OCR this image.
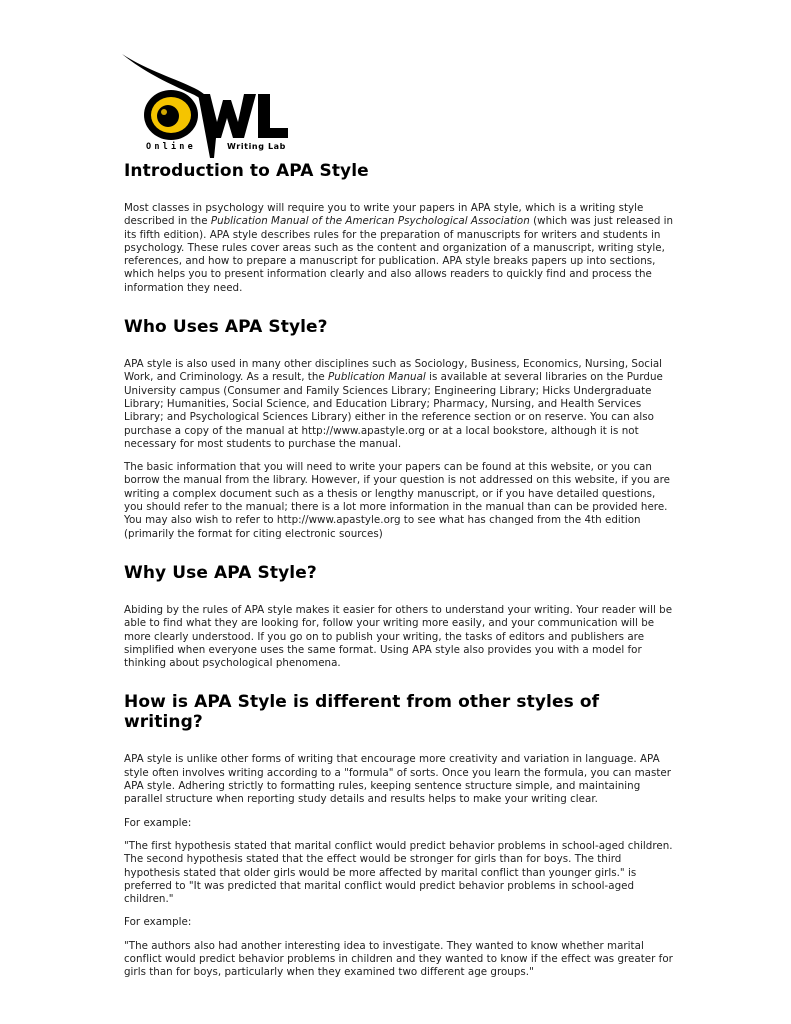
Online	Writing Lab
Introduction to APA Style

Most classes in psychology will require you to write your papers in APA style, which is a writing style described in the Publication Manual of the American Psychological Association (which was just released in its fifth edition). APA style describes rules for the preparation of manuscripts for writers and students in psychology. These rules cover areas such as the content and organization of a manuscript, writing style, references, and how to prepare a manuscript for publication. APA style breaks papers up into sections, which helps you to present information clearly and also allows readers to quickly find and process the information they need.

Who Uses APA Style?

APA style is also used in many other disciplines such as Sociology, Business, Economics, Nursing, Social Work, and Criminology. As a result, the Publication Manual is available at several libraries on the Purdue University campus (Consumer and Family Sciences Library; Engineering Library; Hicks Undergraduate Library; Humanities, Social Science, and Education Library; Pharmacy, Nursing, and Health Services Library; and Psychological Sciences Library) either in the reference section or on reserve. You can also purchase a copy of the manual at http://www.apastyle.org or at a local bookstore, although it is not necessary for most students to purchase the manual.

The basic information that you will need to write your papers can be found at this website, or you can borrow the manual from the library. However, if your question is not addressed on this website, if you are writing a complex document such as a thesis or lengthy manuscript, or if you have detailed questions, you should refer to the manual; there is a lot more information in the manual than can be provided here. You may also wish to refer to http://www.apastyle.org to see what has changed from the 4th edition (primarily the format for citing electronic sources)

Why Use APA Style?

Abiding by the rules of APA style makes it easier for others to understand your writing. Your reader will be able to find what they are looking for, follow your writing more easily, and your communication will be more clearly understood. If you go on to publish your writing, the tasks of editors and publishers are simplified when everyone uses the same format. Using APA style also provides you with a model for thinking about psychological phenomena.

How is APA Style is different from other styles of writing?

APA style is unlike other forms of writing that encourage more creativity and variation in language. APA style often involves writing according to a "formula" of sorts. Once you learn the formula, you can master APA style. Adhering strictly to formatting rules, keeping sentence structure simple, and maintaining parallel structure when reporting study details and results helps to make your writing clear.

For example:

"The first hypothesis stated that marital conflict would predict behavior problems in school-aged children. The second hypothesis stated that the effect would be stronger for girls than for boys. The third hypothesis stated that older girls would be more affected by marital conflict than younger girls." is preferred to "It was predicted that marital conflict would predict behavior problems in school-aged children."

For example:

"The authors also had another interesting idea to investigate. They wanted to know whether marital conflict would predict behavior problems in children and they wanted to know if the effect was greater for girls than for boys, particularly when they examined two different age groups."
